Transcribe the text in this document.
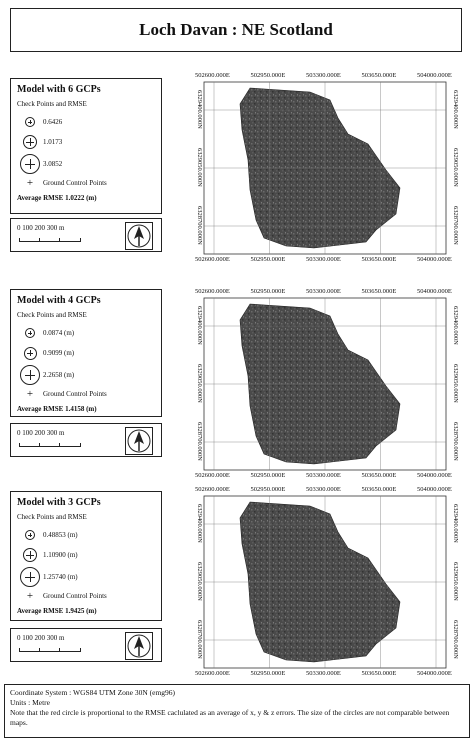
Loch Davan : NE Scotland
Model with 6 GCPs
Check Points and RMSE
0.6426
1.0173
3.0852
+ Ground Control Points
Average RMSE 1.0222 (m)
0 100 200 300 m
Model with 4 GCPs
Check Points and RMSE
0.0874 (m)
0.9099 (m)
2.2658 (m)
+ Ground Control Points
Average RMSE 1.4158 (m)
0 100 200 300 m
Model with 3 GCPs
Check Points and RMSE
0.48853 (m)
1.10900 (m)
1.25740 (m)
+ Ground Control Points
Average RMSE 1.9425 (m)
0 100 200 300 m
502600.000E
502600.000E
502950.000E
502950.000E
503300.000E
503300.000E
503650.000E
503650.000E
504000.000E
504000.000E
6329400.000N	6329400.000N
6329050.000N	6329050.000N
6328700.000N	6328700.000N
502600.000E
502600.000E
502950.000E
502950.000E
503300.000E
503300.000E
503650.000E
503650.000E
504000.000E
504000.000E
6329400.000N	6329400.000N
6329050.000N	6329050.000N
6328700.000N	6328700.000N
502600.000E
502600.000E
502950.000E
502950.000E
503300.000E
503300.000E
503650.000E
503650.000E
504000.000E
504000.000E
6329400.000N	6329400.000N
6329050.000N	6329050.000N
6328700.000N	6328700.000N
Coordinate System : WGS84 UTM Zone 30N (emg96)
Units : Metre
Note that the red circle is proportional to the RMSE caclulated as an average of x, y & z errors. The size of the circles are not comparable between maps.
